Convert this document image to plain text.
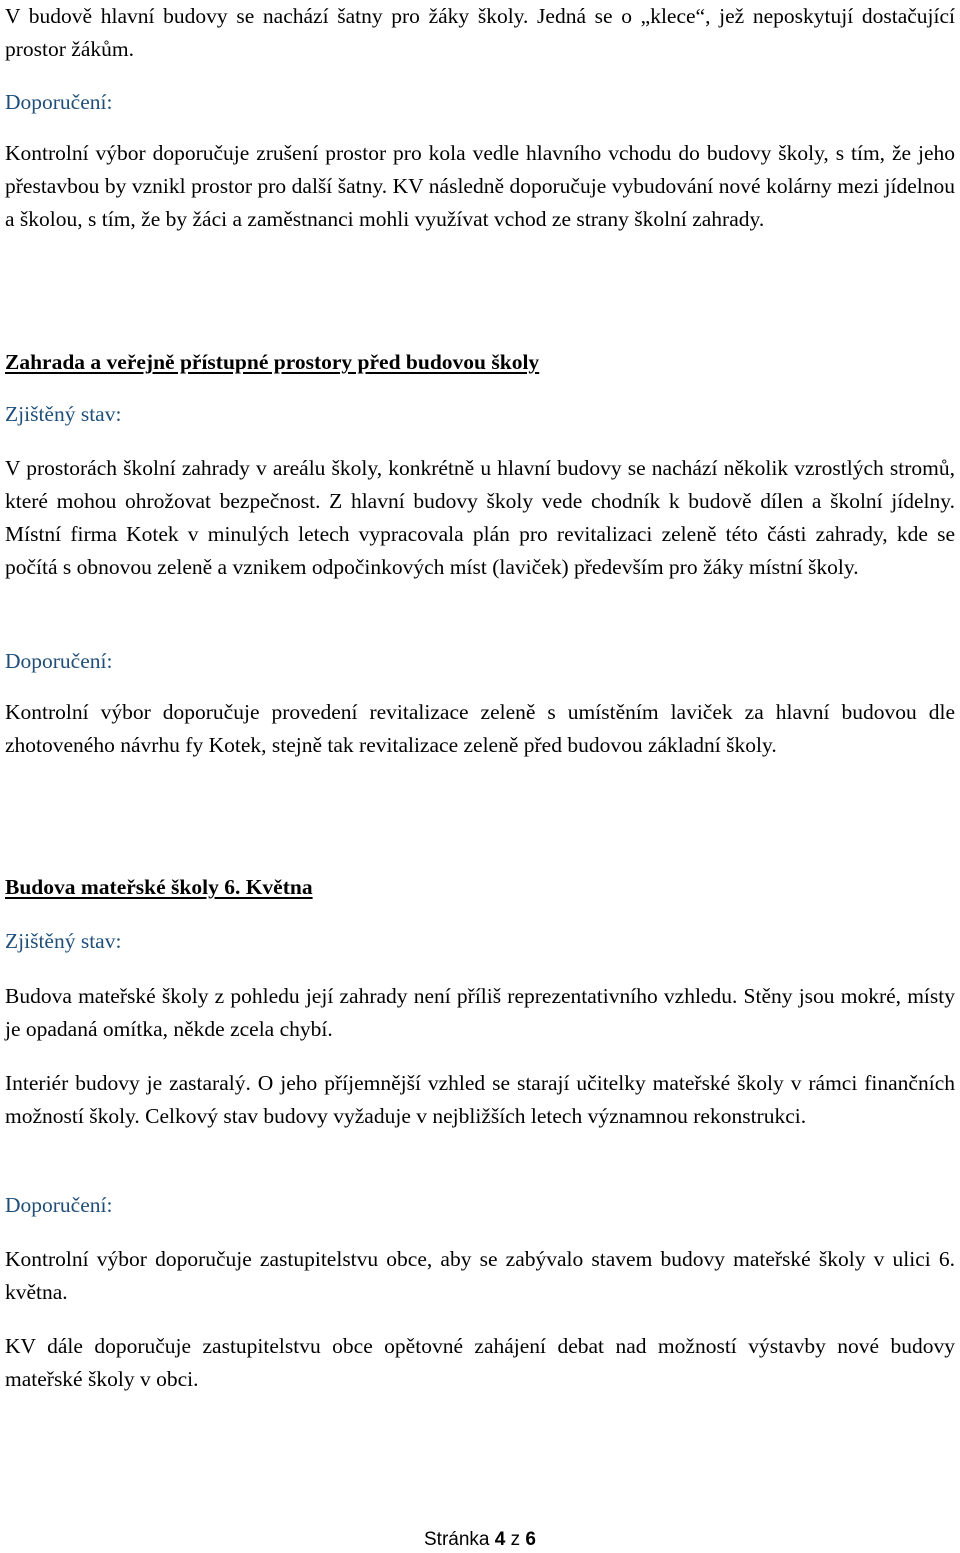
V budově hlavní budovy se nachází šatny pro žáky školy. Jedná se o „klece“, jež neposkytují dostačující prostor žákům.

Doporučení:

Kontrolní výbor doporučuje zrušení prostor pro kola vedle hlavního vchodu do budovy školy, s tím, že jeho přestavbou by vznikl prostor pro další šatny. KV následně doporučuje vybudování nové kolárny mezi jídelnou a školou, s tím, že by žáci a zaměstnanci mohli využívat vchod ze strany školní zahrady.

Zahrada a veřejně přístupné prostory před budovou školy
Zjištěný stav:

V prostorách školní zahrady v areálu školy, konkrétně u hlavní budovy se nachází několik vzrostlých stromů, které mohou ohrožovat bezpečnost. Z hlavní budovy školy vede chodník k budově dílen a školní jídelny. Místní firma Kotek v minulých letech vypracovala plán pro revitalizaci zeleně této části zahrady, kde se počítá s obnovou zeleně a vznikem odpočinkových míst (laviček) především pro žáky místní školy.

Doporučení:

Kontrolní výbor doporučuje provedení revitalizace zeleně s umístěním laviček za hlavní budovou dle zhotoveného návrhu fy Kotek, stejně tak revitalizace zeleně před budovou základní školy.

Budova mateřské školy 6. Května
Zjištěný stav:

Budova mateřské školy z pohledu její zahrady není příliš reprezentativního vzhledu. Stěny jsou mokré, místy je opadaná omítka, někde zcela chybí.

Interiér budovy je zastaralý. O jeho příjemnější vzhled se starají učitelky mateřské školy v rámci finančních možností školy. Celkový stav budovy vyžaduje v nejbližších letech významnou rekonstrukci.

Doporučení:

Kontrolní výbor doporučuje zastupitelstvu obce, aby se zabývalo stavem budovy mateřské školy v ulici 6. května.

KV dále doporučuje zastupitelstvu obce opětovné zahájení debat nad možností výstavby nové budovy mateřské školy v obci.

Stránka 4 z 6
